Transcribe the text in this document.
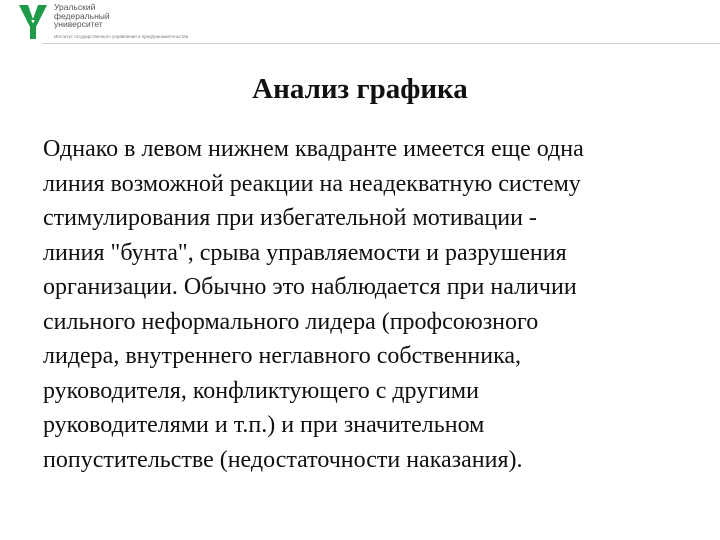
Уральский
федеральный
университет
Институт государственного управления и предпринимательства
Анализ графика

Однако в левом нижнем квадранте имеется еще одна
линия возможной реакции на неадекватную систему
стимулирования при избегательной мотивации -
линия "бунта", срыва управляемости и разрушения
организации. Обычно это наблюдается при наличии
сильного неформального лидера (профсоюзного
лидера, внутреннего неглавного собственника,
руководителя, конфликтующего с другими
руководителями и т.п.) и при значительном
попустительстве (недостаточности наказания).
